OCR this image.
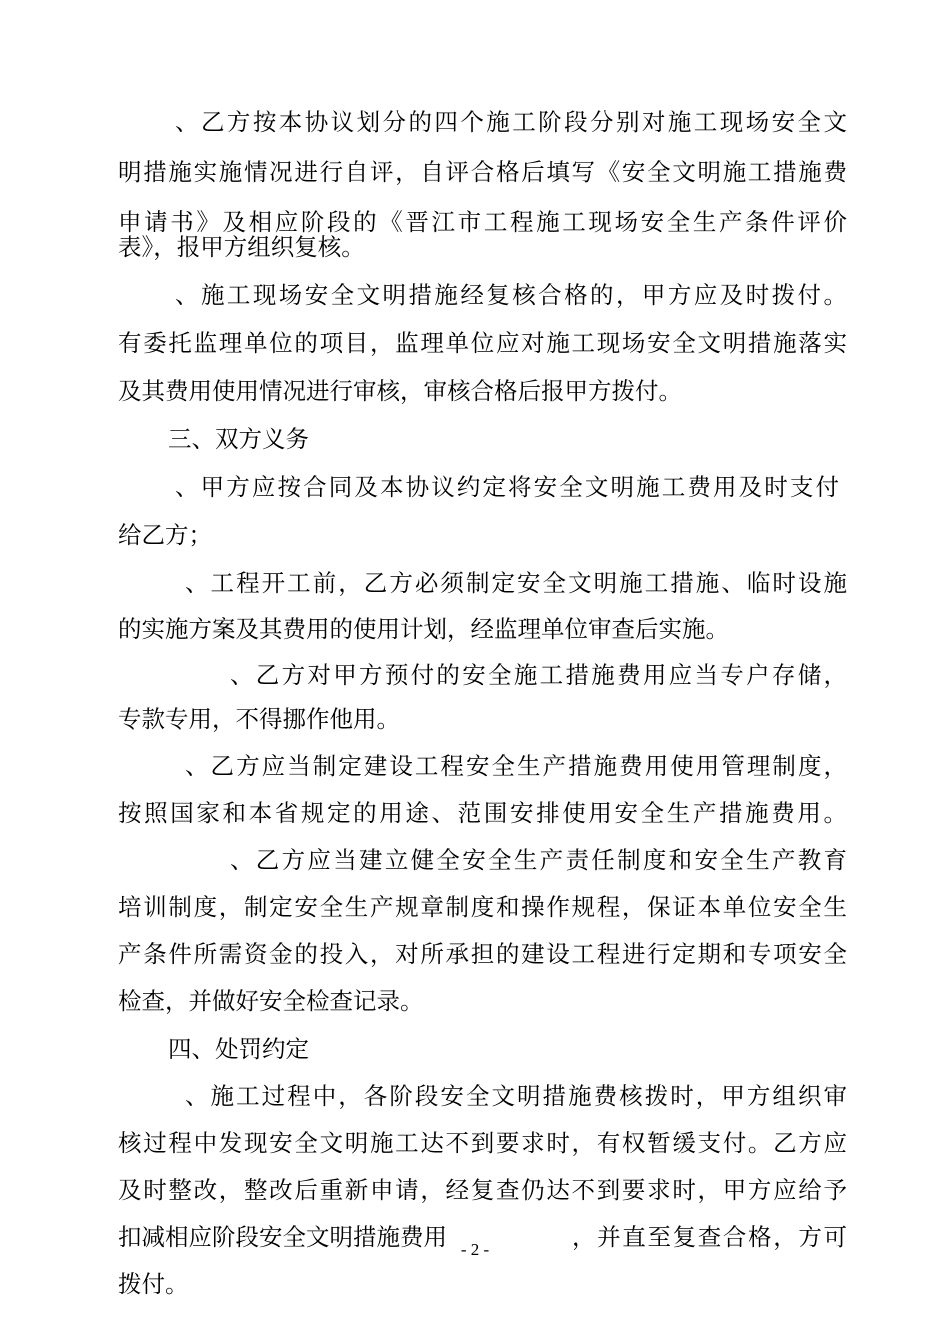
、乙方按本协议划分的四个施工阶段分别对施工现场安全文
明措施实施情况进行自评，自评合格后填写《安全文明施工措施费
申请书》及相应阶段的《晋江市工程施工现场安全生产条件评价
表》，报甲方组织复核。
、施工现场安全文明措施经复核合格的，甲方应及时拨付。
有委托监理单位的项目，监理单位应对施工现场安全文明措施落实
及其费用使用情况进行审核，审核合格后报甲方拨付。
三、双方义务
、甲方应按合同及本协议约定将安全文明施工费用及时支付
给乙方；
、工程开工前，乙方必须制定安全文明施工措施、临时设施
的实施方案及其费用的使用计划，经监理单位审查后实施。
、乙方对甲方预付的安全施工措施费用应当专户存储，
专款专用，不得挪作他用。
、乙方应当制定建设工程安全生产措施费用使用管理制度，
按照国家和本省规定的用途、范围安排使用安全生产措施费用。
、乙方应当建立健全安全生产责任制度和安全生产教育
培训制度，制定安全生产规章制度和操作规程，保证本单位安全生
产条件所需资金的投入，对所承担的建设工程进行定期和专项安全
检查，并做好安全检查记录。
四、处罚约定
、施工过程中，各阶段安全文明措施费核拨时，甲方组织审
核过程中发现安全文明施工达不到要求时，有权暂缓支付。乙方应
及时整改，整改后重新申请，经复查仍达不到要求时，甲方应给予
扣减相应阶段安全文明措施费用	，并直至复查合格，方可
拨付。
- 2 -
